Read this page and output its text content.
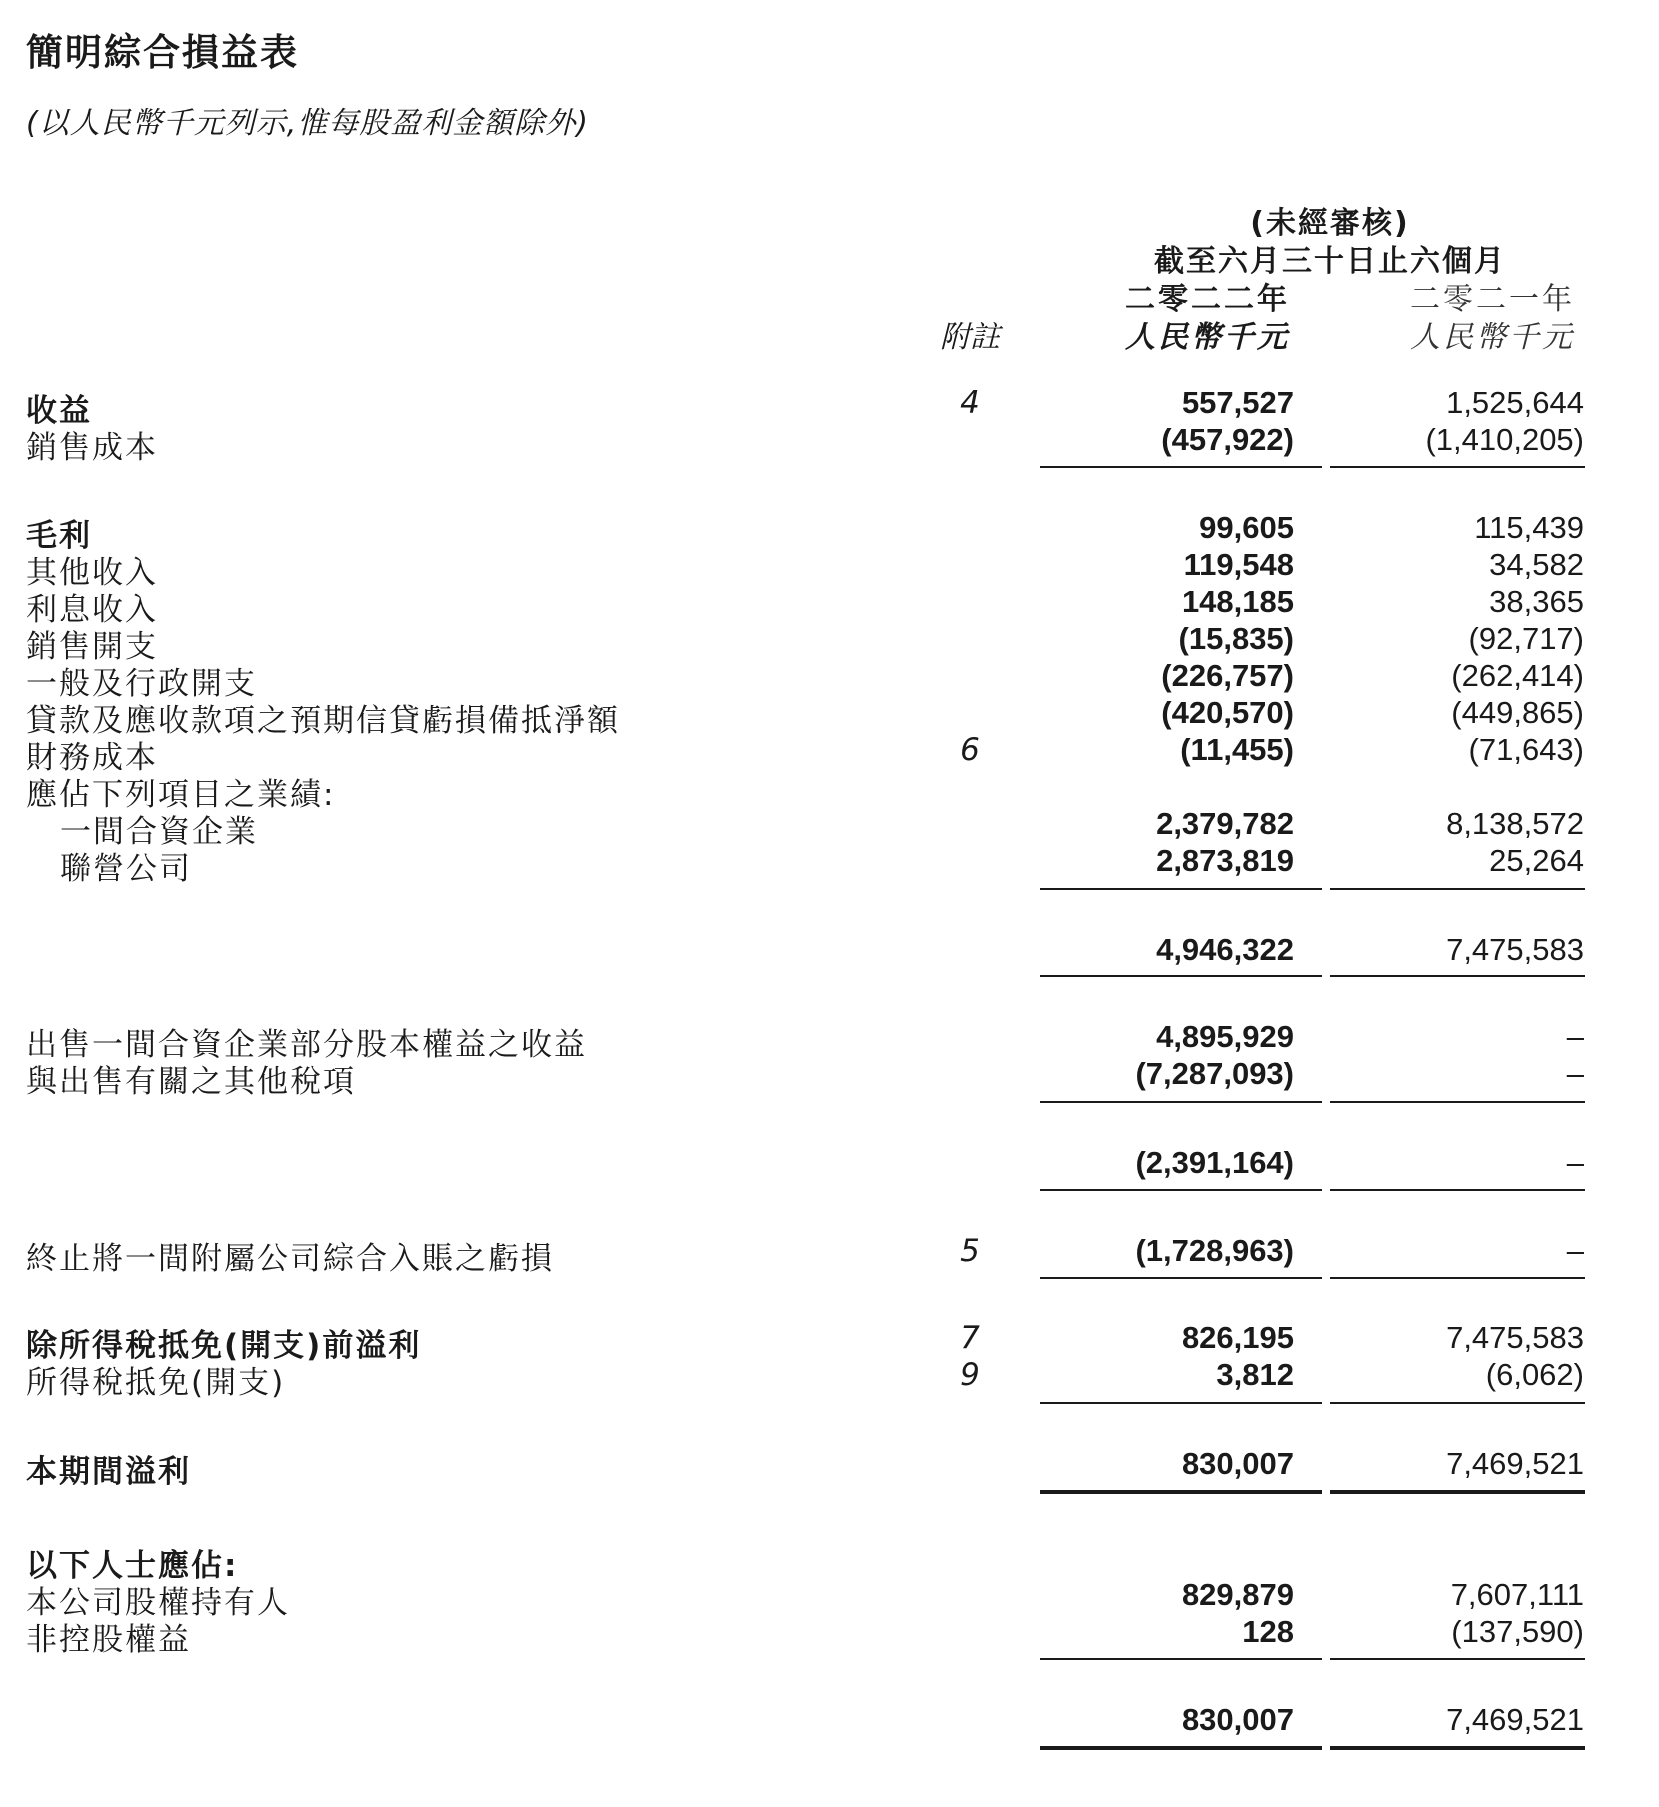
簡明綜合損益表
(以人民幣千元列示,惟每股盈利金額除外)
(未經審核)
截至六月三十日止六個月
二零二二年	二零二一年
附註	人民幣千元	人民幣千元
收益	4	557,527	1,525,644
銷售成本	(457,922)	(1,410,205)
毛利	99,605	115,439
其他收入	119,548	34,582
利息收入	148,185	38,365
銷售開支	(15,835)	(92,717)
一般及行政開支	(226,757)	(262,414)
貸款及應收款項之預期信貸虧損備抵淨額	(420,570)	(449,865)
財務成本	6	(11,455)	(71,643)
應佔下列項目之業績:
一間合資企業	2,379,782	8,138,572
聯營公司	2,873,819	25,264
4,946,322	7,475,583
出售一間合資企業部分股本權益之收益	4,895,929	–
與出售有關之其他稅項	(7,287,093)	–
(2,391,164)	–
終止將一間附屬公司綜合入賬之虧損	5	(1,728,963)	–
除所得稅抵免(開支)前溢利	7	826,195	7,475,583
所得稅抵免(開支)	9	3,812	(6,062)
本期間溢利	830,007	7,469,521
以下人士應佔:
本公司股權持有人	829,879	7,607,111
非控股權益	128	(137,590)
830,007	7,469,521
